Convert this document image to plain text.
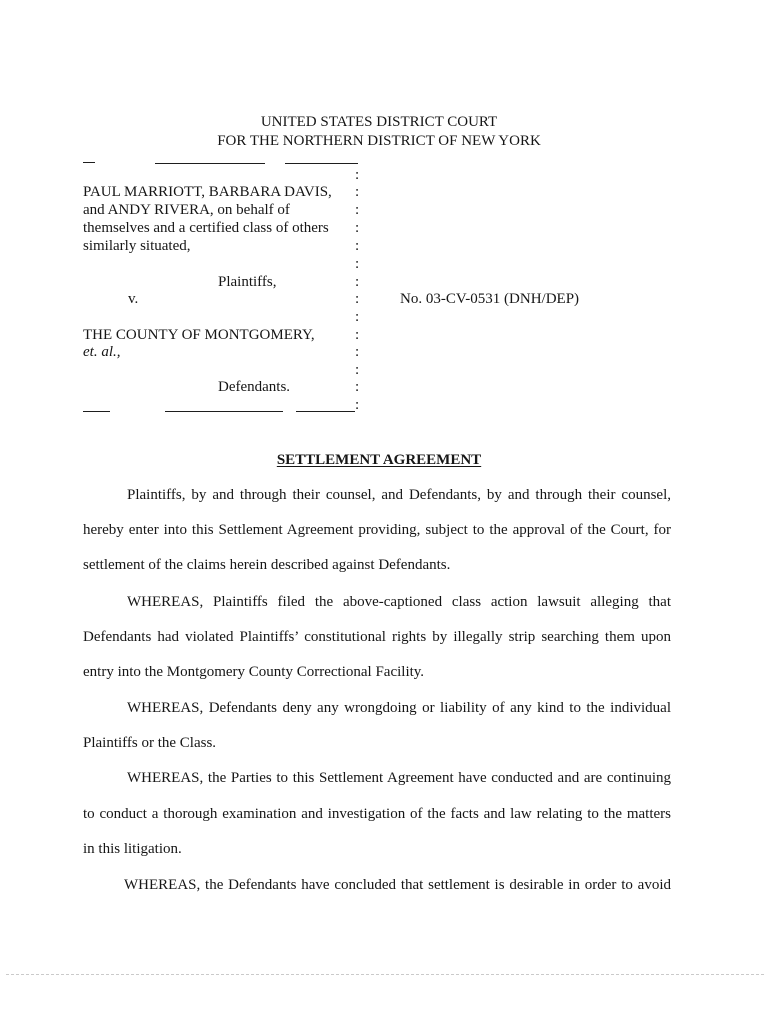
UNITED STATES DISTRICT COURT
FOR THE NORTHERN DISTRICT OF NEW YORK
PAUL MARRIOTT, BARBARA DAVIS,
and ANDY RIVERA, on behalf of
themselves and a certified class of others
similarly situated,
Plaintiffs,
v.	No. 03-CV-0531 (DNH/DEP)
THE COUNTY OF MONTGOMERY,
et. al.,
Defendants.
:
:
:
:
:
:
:
:
:
:
:
:
:
:
SETTLEMENT AGREEMENT
Plaintiffs, by and through their counsel, and Defendants, by and through their counsel,
hereby enter into this Settlement Agreement providing, subject to the approval of the Court, for
settlement of the claims herein described against Defendants.
WHEREAS, Plaintiffs filed the above-captioned class action lawsuit alleging that
Defendants had violated Plaintiffs’ constitutional rights by illegally strip searching them upon
entry into the Montgomery County Correctional Facility.
WHEREAS, Defendants deny any wrongdoing or liability of any kind to the individual
Plaintiffs or the Class.
WHEREAS, the Parties to this Settlement Agreement have conducted and are continuing
to conduct a thorough examination and investigation of the facts and law relating to the matters
in this litigation.
WHEREAS, the Defendants have concluded that settlement is desirable in order to avoid
